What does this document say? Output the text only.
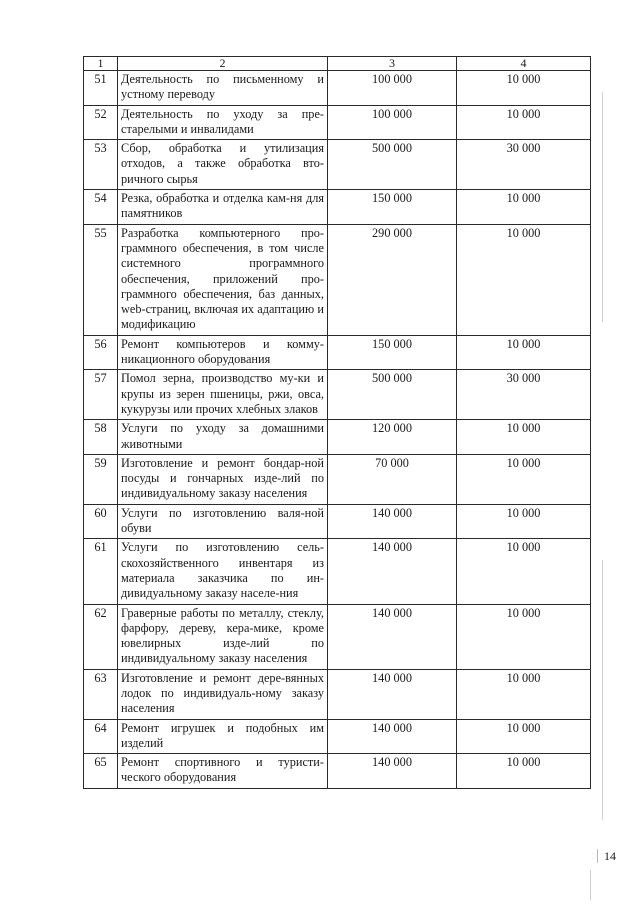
1	2	3	4
51	Деятельность по письменному и устному переводу	100 000	10 000
52	Деятельность по уходу за пре-старелыми и инвалидами	100 000	10 000
53	Сбор, обработка и утилизация отходов, а также обработка вто-ричного сырья	500 000	30 000
54	Резка, обработка и отделка кам-ня для памятников	150 000	10 000
55	Разработка компьютерного про-граммного обеспечения, в том числе системного программного обеспечения, приложений про-граммного обеспечения, баз данных, web-страниц, включая их адаптацию и модификацию	290 000	10 000
56	Ремонт компьютеров и комму-никационного оборудования	150 000	10 000
57	Помол зерна, производство му-ки и крупы из зерен пшеницы, ржи, овса, кукурузы или прочих хлебных злаков	500 000	30 000
58	Услуги по уходу за домашними животными	120 000	10 000
59	Изготовление и ремонт бондар-ной посуды и гончарных изде-лий по индивидуальному заказу населения	70 000	10 000
60	Услуги по изготовлению валя-ной обуви	140 000	10 000
61	Услуги по изготовлению сель-скохозяйственного инвентаря из материала заказчика по ин-дивидуальному заказу населе-ния	140 000	10 000
62	Граверные работы по металлу, стеклу, фарфору, дереву, кера-мике, кроме ювелирных изде-лий по индивидуальному заказу населения	140 000	10 000
63	Изготовление и ремонт дере-вянных лодок по индивидуаль-ному заказу населения	140 000	10 000
64	Ремонт игрушек и подобных им изделий	140 000	10 000
65	Ремонт спортивного и туристи-ческого оборудования	140 000	10 000
14
